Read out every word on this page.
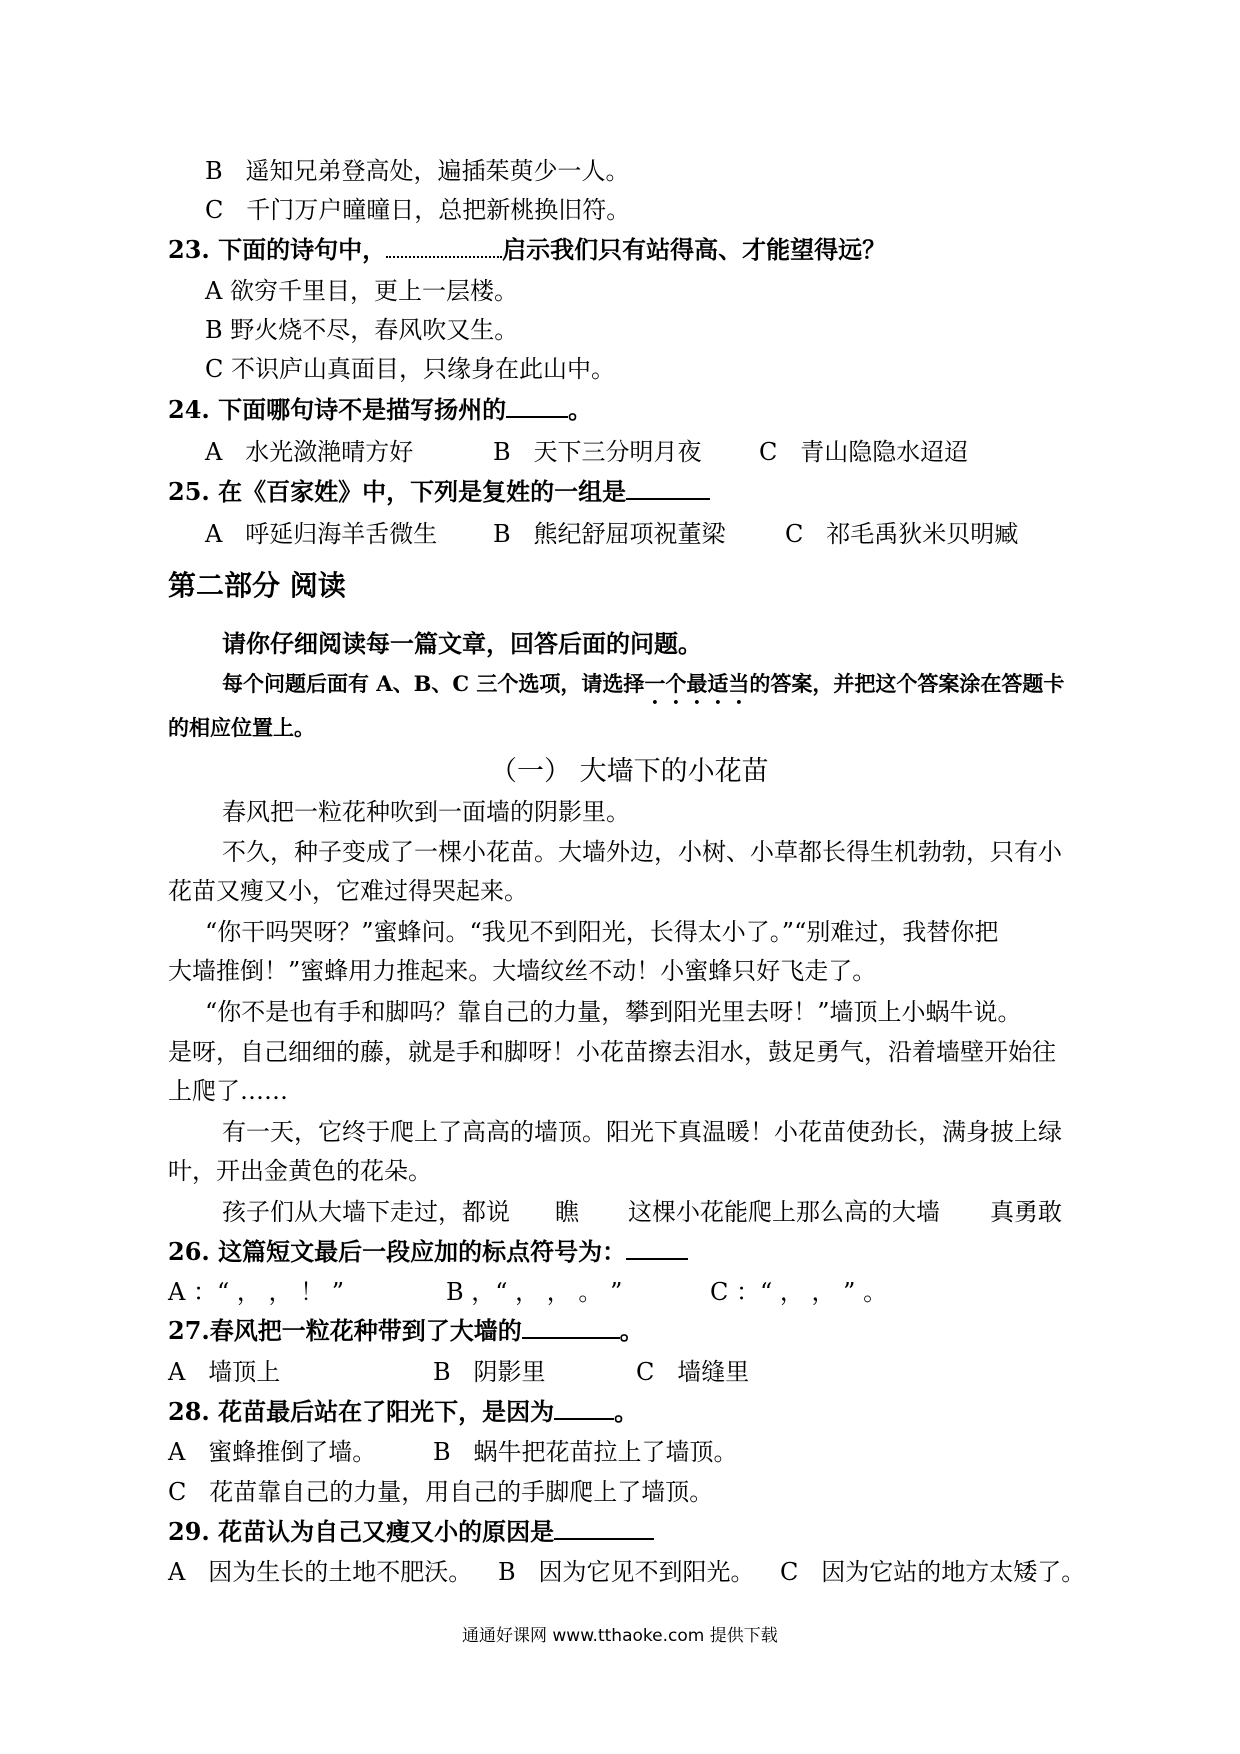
B 遥知兄弟登高处，遍插茱萸少一人。
C 千门万户曈曈日，总把新桃换旧符。
23. 下面的诗句中，	启示我们只有站得高、才能望得远？
A 欲穷千里目，更上一层楼。
B 野火烧不尽，春风吹又生。
C 不识庐山真面目，只缘身在此山中。
24. 下面哪句诗不是描写扬州的	。
A 水光潋滟晴方好	B 天下三分明月夜 C 青山隐隐水迢迢
25. 在《百家姓》中，下列是复姓的一组是
A 呼延归海羊舌微生 B 熊纪舒屈项祝董梁 C 祁毛禹狄米贝明臧
第二部分 阅读
请你仔细阅读每一篇文章，回答后面的问题。
每个问题后面有 A、B、C 三个选项，请选择一个最适当的答案，并把这个答案涂在答题卡
的相应位置上。
（一） 大墙下的小花苗
春风把一粒花种吹到一面墙的阴影里。
不久，种子变成了一棵小花苗。大墙外边，小树、小草都长得生机勃勃，只有小
花苗又瘦又小，它难过得哭起来。
“你干吗哭呀？”蜜蜂问。“我见不到阳光，长得太小了。”“别难过，我替你把
大墙推倒！”蜜蜂用力推起来。大墙纹丝不动！小蜜蜂只好飞走了。
“你不是也有手和脚吗？靠自己的力量，攀到阳光里去呀！”墙顶上小蜗牛说。
是呀，自己细细的藤，就是手和脚呀！小花苗擦去泪水，鼓足勇气，沿着墙壁开始往
上爬了……
有一天，它终于爬上了高高的墙顶。阳光下真温暖！小花苗使劲长，满身披上绿
叶，开出金黄色的花朵。
孩子们从大墙下走过，都说 瞧 这棵小花能爬上那么高的大墙 真勇敢
26. 这篇短文最后一段应加的标点符号为：
A ：“ ， ， ！ ”	B ，“ ， ， 。 ”	C ：“ ， ， ” 。
27.春风把一粒花种带到了大墙的	。
A 墙顶上	B 阴影里	C 墙缝里
28. 花苗最后站在了阳光下，是因为	。
A 蜜蜂推倒了墙。 B 蜗牛把花苗拉上了墙顶。
C 花苗靠自己的力量，用自己的手脚爬上了墙顶。
29. 花苗认为自己又瘦又小的原因是
A 因为生长的土地不肥沃。 B 因为它见不到阳光。 C 因为它站的地方太矮了。
通通好课网 www.tthaoke.com 提供下载
